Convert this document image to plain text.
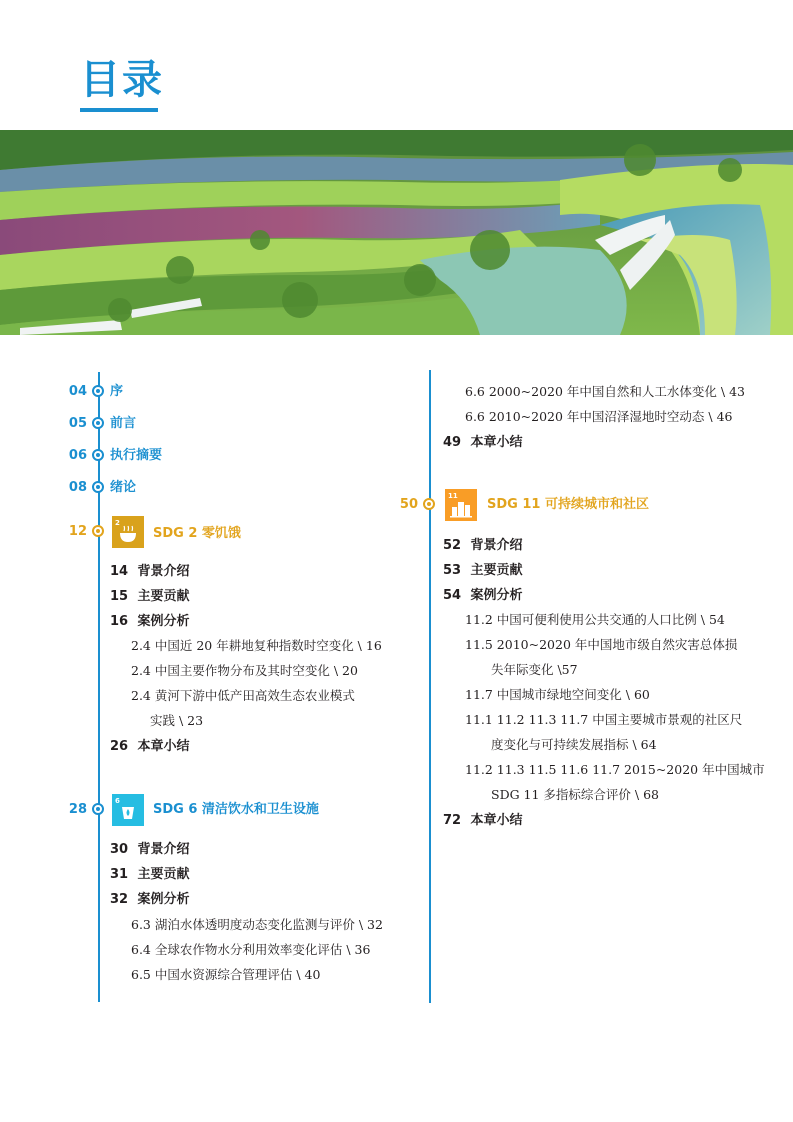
目录
04 序
05 前言
06 执行摘要
08 绪论
12
2
SDG 2 零饥饿
14 背景介绍
15 主要贡献
16 案例分析
2.4 中国近 20 年耕地复种指数时空变化 \ 16
2.4 中国主要作物分布及其时空变化 \ 20
2.4 黄河下游中低产田高效生态农业模式
实践 \ 23
26 本章小结
28
6
SDG 6 清洁饮水和卫生设施
30 背景介绍
31 主要贡献
32 案例分析
6.3 湖泊水体透明度动态变化监测与评价 \ 32
6.4 全球农作物水分利用效率变化评估 \ 36
6.5 中国水资源综合管理评估 \ 40
6.6 2000~2020 年中国自然和人工水体变化 \ 43
6.6 2010~2020 年中国沼泽湿地时空动态 \ 46
49 本章小结
50
11
SDG 11 可持续城市和社区
52 背景介绍
53 主要贡献
54 案例分析
11.2 中国可便利使用公共交通的人口比例 \ 54
11.5 2010~2020 年中国地市级自然灾害总体损
失年际变化 \57
11.7 中国城市绿地空间变化 \ 60
11.1 11.2 11.3 11.7 中国主要城市景观的社区尺
度变化与可持续发展指标 \ 64
11.2 11.3 11.5 11.6 11.7 2015~2020 年中国城市
SDG 11 多指标综合评价 \ 68
72 本章小结
